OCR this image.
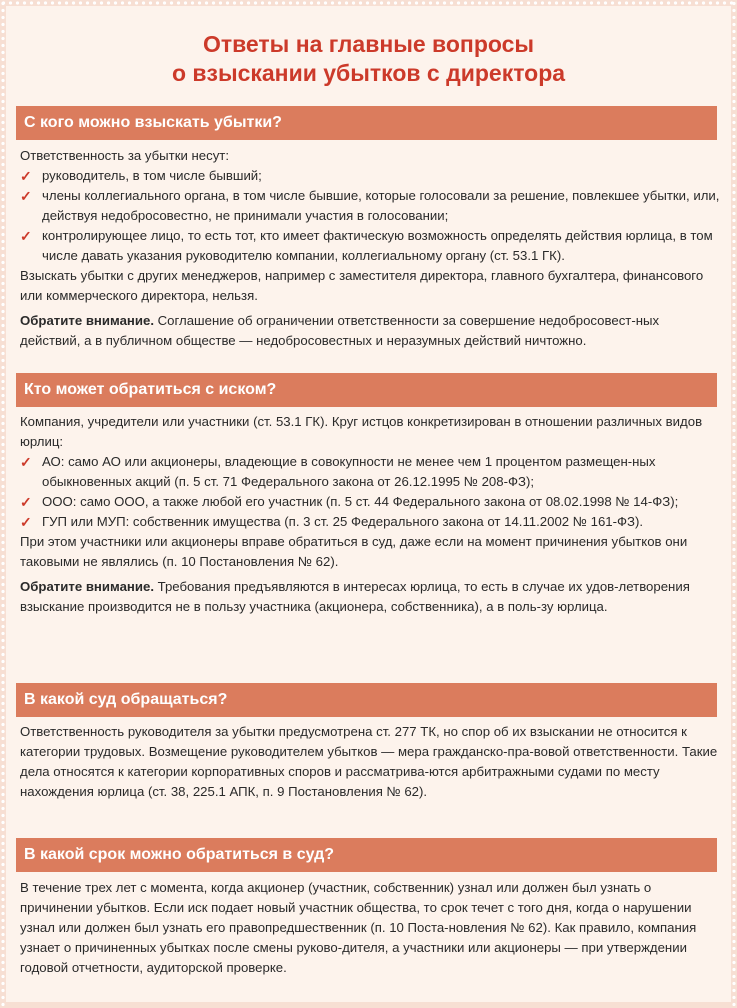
Ответы на главные вопросы
о взыскании убытков с директора
С кого можно взыскать убытки?

Ответственность за убытки несут:

✓ руководитель, в том числе бывший;
✓ члены коллегиального органа, в том числе бывшие, которые голосовали за решение, повлекшее убытки, или, действуя недобросовестно, не принимали участия в голосовании;
✓ контролирующее лицо, то есть тот, кто имеет фактическую возможность определять действия юрлица, в том числе давать указания руководителю компании, коллегиальному органу (ст. 53.1 ГК).

Взыскать убытки с других менеджеров, например с заместителя директора, главного бухгалтера, финансового или коммерческого директора, нельзя.

Обратите внимание. Соглашение об ограничении ответственности за совершение недобросовест-ных действий, а в публичном обществе — недобросовестных и неразумных действий ничтожно.

Кто может обратиться с иском?

Компания, учредители или участники (ст. 53.1 ГК). Круг истцов конкретизирован в отношении различных видов юрлиц:

✓ АО: само АО или акционеры, владеющие в совокупности не менее чем 1 процентом размещен-ных обыкновенных акций (п. 5 ст. 71 Федерального закона от 26.12.1995 № 208-ФЗ);
✓ ООО: само ООО, а также любой его участник (п. 5 ст. 44 Федерального закона от 08.02.1998 № 14-ФЗ);
✓ ГУП или МУП: собственник имущества (п. 3 ст. 25 Федерального закона от 14.11.2002 № 161-ФЗ).

При этом участники или акционеры вправе обратиться в суд, даже если на момент причинения убытков они таковыми не являлись (п. 10 Постановления № 62).

Обратите внимание. Требования предъявляются в интересах юрлица, то есть в случае их удов-летворения взыскание производится не в пользу участника (акционера, собственника), а в поль-зу юрлица.

В какой суд обращаться?

Ответственность руководителя за убытки предусмотрена ст. 277 ТК, но спор об их взыскании не относится к категории трудовых. Возмещение руководителем убытков — мера гражданско-пра-вовой ответственности. Такие дела относятся к категории корпоративных споров и рассматрива-ются арбитражными судами по месту нахождения юрлица (ст. 38, 225.1 АПК, п. 9 Постановления № 62).

В какой срок можно обратиться в суд?

В течение трех лет с момента, когда акционер (участник, собственник) узнал или должен был узнать о причинении убытков. Если иск подает новый участник общества, то срок течет с того дня, когда о нарушении узнал или должен был узнать его правопредшественник (п. 10 Поста-новления № 62). Как правило, компания узнает о причиненных убытках после смены руково-дителя, а участники или акционеры — при утверждении годовой отчетности, аудиторской проверке.
